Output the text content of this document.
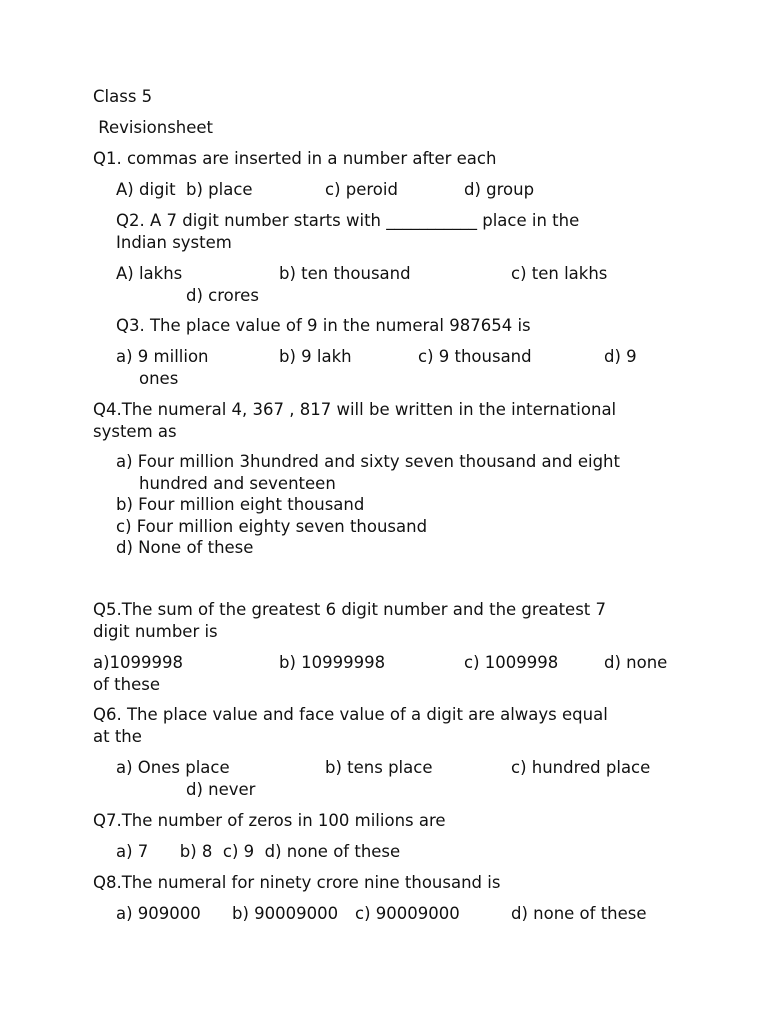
Class 5
Revisionsheet
Q1. commas are inserted in a number after each
A) digit b) place	c) peroid	d) group
Q2. A 7 digit number starts with ___________ place in the
Indian system
A) lakhs	b) ten thousand	c) ten lakhs
d) crores
Q3. The place value of 9 in the numeral 987654 is
a) 9 million	b) 9 lakh	c) 9 thousand	d) 9
ones
Q4.The numeral 4, 367 , 817 will be written in the international
system as
a) Four million 3hundred and sixty seven thousand and eight
hundred and seventeen
b) Four million eight thousand
c) Four million eighty seven thousand
d) None of these
Q5.The sum of the greatest 6 digit number and the greatest 7
digit number is
a)1099998	b) 10999998	c) 1009998	d) none
of these
Q6. The place value and face value of a digit are always equal
at the
a) Ones place	b) tens place	c) hundred place
d) never
Q7.The number of zeros in 100 milions are
a) 7      b) 8  c) 9  d) none of these
Q8.The numeral for ninety crore nine thousand is
a) 909000 b) 90009000 c) 90009000	d) none of these
